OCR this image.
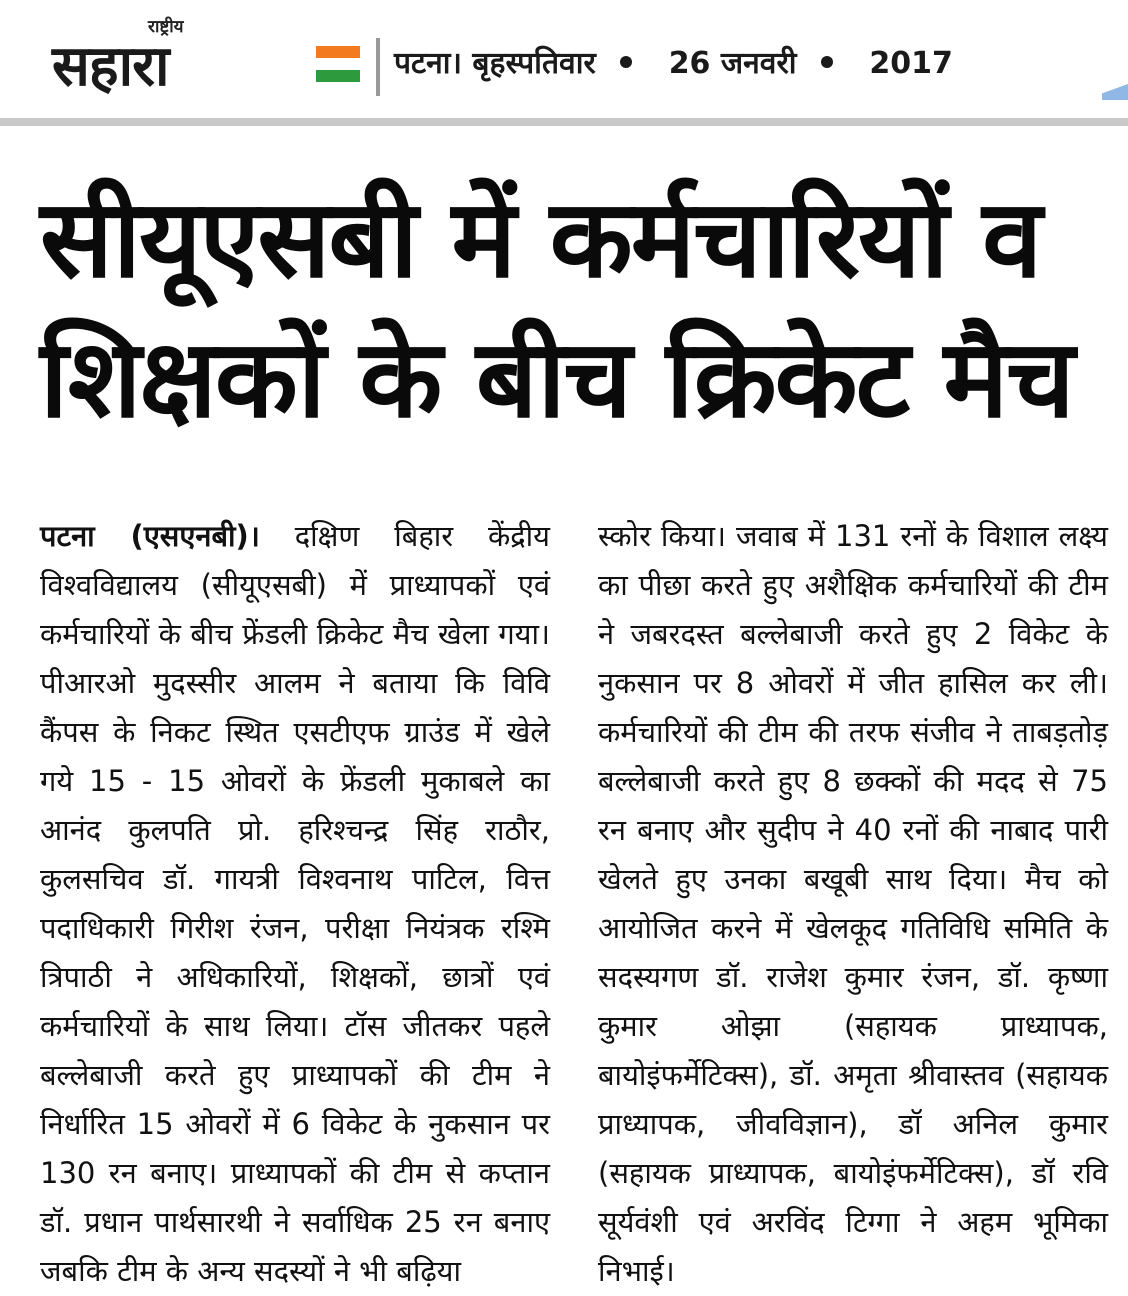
राष्ट्रीय
सहारा	पटना। बृहस्पतिवार 26 जनवरी 2017
सीयूएसबी में कर्मचारियों व
शिक्षकों के बीच क्रिकेट मैच

पटना (एसएनबी)। दक्षिण बिहार केंद्रीय विश्वविद्यालय (सीयूएसबी) में प्राध्यापकों एवं कर्मचारियों के बीच फ्रेंडली क्रिकेट मैच खेला गया। पीआरओ मुदस्सीर आलम ने बताया कि विवि कैंपस के निकट स्थित एसटीएफ ग्राउंड में खेले गये 15 - 15 ओवरों के फ्रेंडली मुकाबले का आनंद कुलपति प्रो. हरिश्चन्द्र सिंह राठौर, कुलसचिव डॉ. गायत्री विश्वनाथ पाटिल, वित्त पदाधिकारी गिरीश रंजन, परीक्षा नियंत्रक रश्मि त्रिपाठी ने अधिकारियों, शिक्षकों, छात्रों एवं कर्मचारियों के साथ लिया। टॉस जीतकर पहले बल्लेबाजी करते हुए प्राध्यापकों की टीम ने निर्धारित 15 ओवरों में 6 विकेट के नुकसान पर 130 रन बनाए। प्राध्यापकों की टीम से कप्तान डॉ. प्रधान पार्थसारथी ने सर्वाधिक 25 रन बनाए जबकि टीम के अन्य सदस्यों ने भी बढ़िया

स्कोर किया। जवाब में 131 रनों के विशाल लक्ष्य का पीछा करते हुए अशैक्षिक कर्मचारियों की टीम ने जबरदस्त बल्लेबाजी करते हुए 2 विकेट के नुकसान पर 8 ओवरों में जीत हासिल कर ली। कर्मचारियों की टीम की तरफ संजीव ने ताबड़तोड़ बल्लेबाजी करते हुए 8 छक्कों की मदद से 75 रन बनाए और सुदीप ने 40 रनों की नाबाद पारी खेलते हुए उनका बखूबी साथ दिया। मैच को आयोजित करने में खेलकूद गतिविधि समिति के सदस्यगण डॉ. राजेश कुमार रंजन, डॉ. कृष्णा कुमार ओझा (सहायक प्राध्यापक, बायोइंफर्मेटिक्स), डॉ. अमृता श्रीवास्तव (सहायक प्राध्यापक, जीवविज्ञान), डॉ अनिल कुमार (सहायक प्राध्यापक, बायोइंफर्मेटिक्स), डॉ रवि सूर्यवंशी एवं अरविंद टिग्गा ने अहम भूमिका निभाई।
